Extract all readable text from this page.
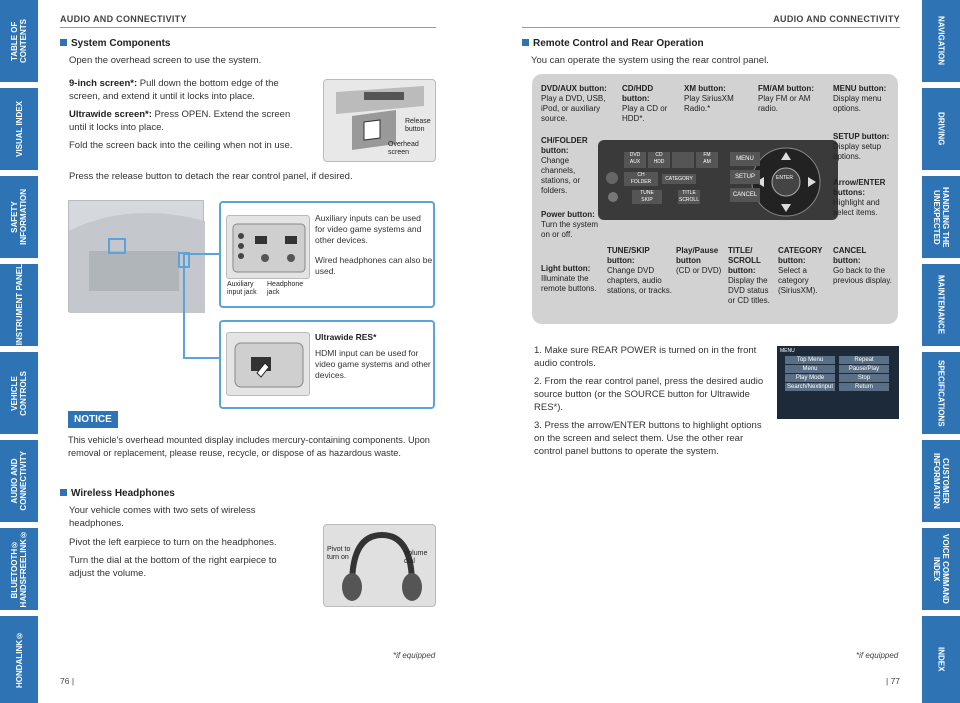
TABLE OF CONTENTS
VISUAL INDEX
SAFETY
INFORMATION
INSTRUMENT PANEL
VEHICLE
CONTROLS
AUDIO AND
CONNECTIVITY
BLUETOOTH®
HANDSFREELINK®
HONDALINK®
NAVIGATION
DRIVING
HANDLING THE
UNEXPECTED
MAINTENANCE
SPECIFICATIONS
CUSTOMER
INFORMATION
VOICE COMMAND
INDEX
INDEX
AUDIO AND CONNECTIVITY	AUDIO AND CONNECTIVITY
System Components
Open the overhead screen to use the system.
9-inch screen*: Pull down the bottom edge of the screen, and extend it until it locks into place.
Ultrawide screen*: Press OPEN. Extend the screen until it locks into place.
Fold the screen back into the ceiling when not in use.
Press the release button to detach the rear control panel, if desired.
Release
button
Overhead
screen
Auxiliary
input jack
Headphone
jack
Auxiliary inputs can be used for video game systems and other devices.
Wired headphones can also be used.
Ultrawide RES*
HDMI input can be used for video game systems and other devices.
NOTICE
This vehicle’s overhead mounted display includes mercury-containing components. Upon removal or replacement, please reuse, recycle, or dispose of as hazardous waste.
Wireless Headphones
Your vehicle comes with two sets of wireless headphones.
Pivot the left earpiece to turn on the headphones.
Turn the dial at the bottom of the right earpiece to adjust the volume.
Pivot to
turn on
Volume
dial
*if equipped
76 |
Remote Control and Rear Operation
You can operate the system using the rear control panel.
ENTER
DVD
AUX
CD
HDD
FM
AM	MENU
SETUP
CANCEL
CH
FOLDER	CATEGORY
TUNE
SKIP
TITLE
SCROLL
DVD/AUX button:
Play a DVD, USB, iPod, or auxiliary source.
CD/HDD button:
Play a CD or HDD*.
XM button:
Play SiriusXM Radio.*
FM/AM button:
Play FM or AM radio.
MENU button:
Display menu options.
SETUP button:
Display setup options.
Arrow/ENTER buttons:
Highlight and select items.
CH/FOLDER button:
Change channels, stations, or folders.
Power button:
Turn the system on or off.
Light button:
Illuminate the remote buttons.
TUNE/SKIP button:
Change DVD chapters, audio stations, or tracks.
Play/Pause button
(CD or DVD)
TITLE/ SCROLL button:
Display the DVD status or CD titles.
CATEGORY button:
Select a category (SiriusXM).
CANCEL button:
Go back to the previous display.
1. Make sure REAR POWER is turned on in the front audio controls.
2. From the rear control panel, press the desired audio source button (or the SOURCE button for Ultrawide RES*).
3. Press the arrow/ENTER buttons to highlight options on the screen and select them. Use the other rear control panel buttons to operate the system.
MENU
Top Menu	Repeat
Menu	Pause/Play
Play Mode	Stop
Search/Nextinput	Return
*if equipped
| 77
